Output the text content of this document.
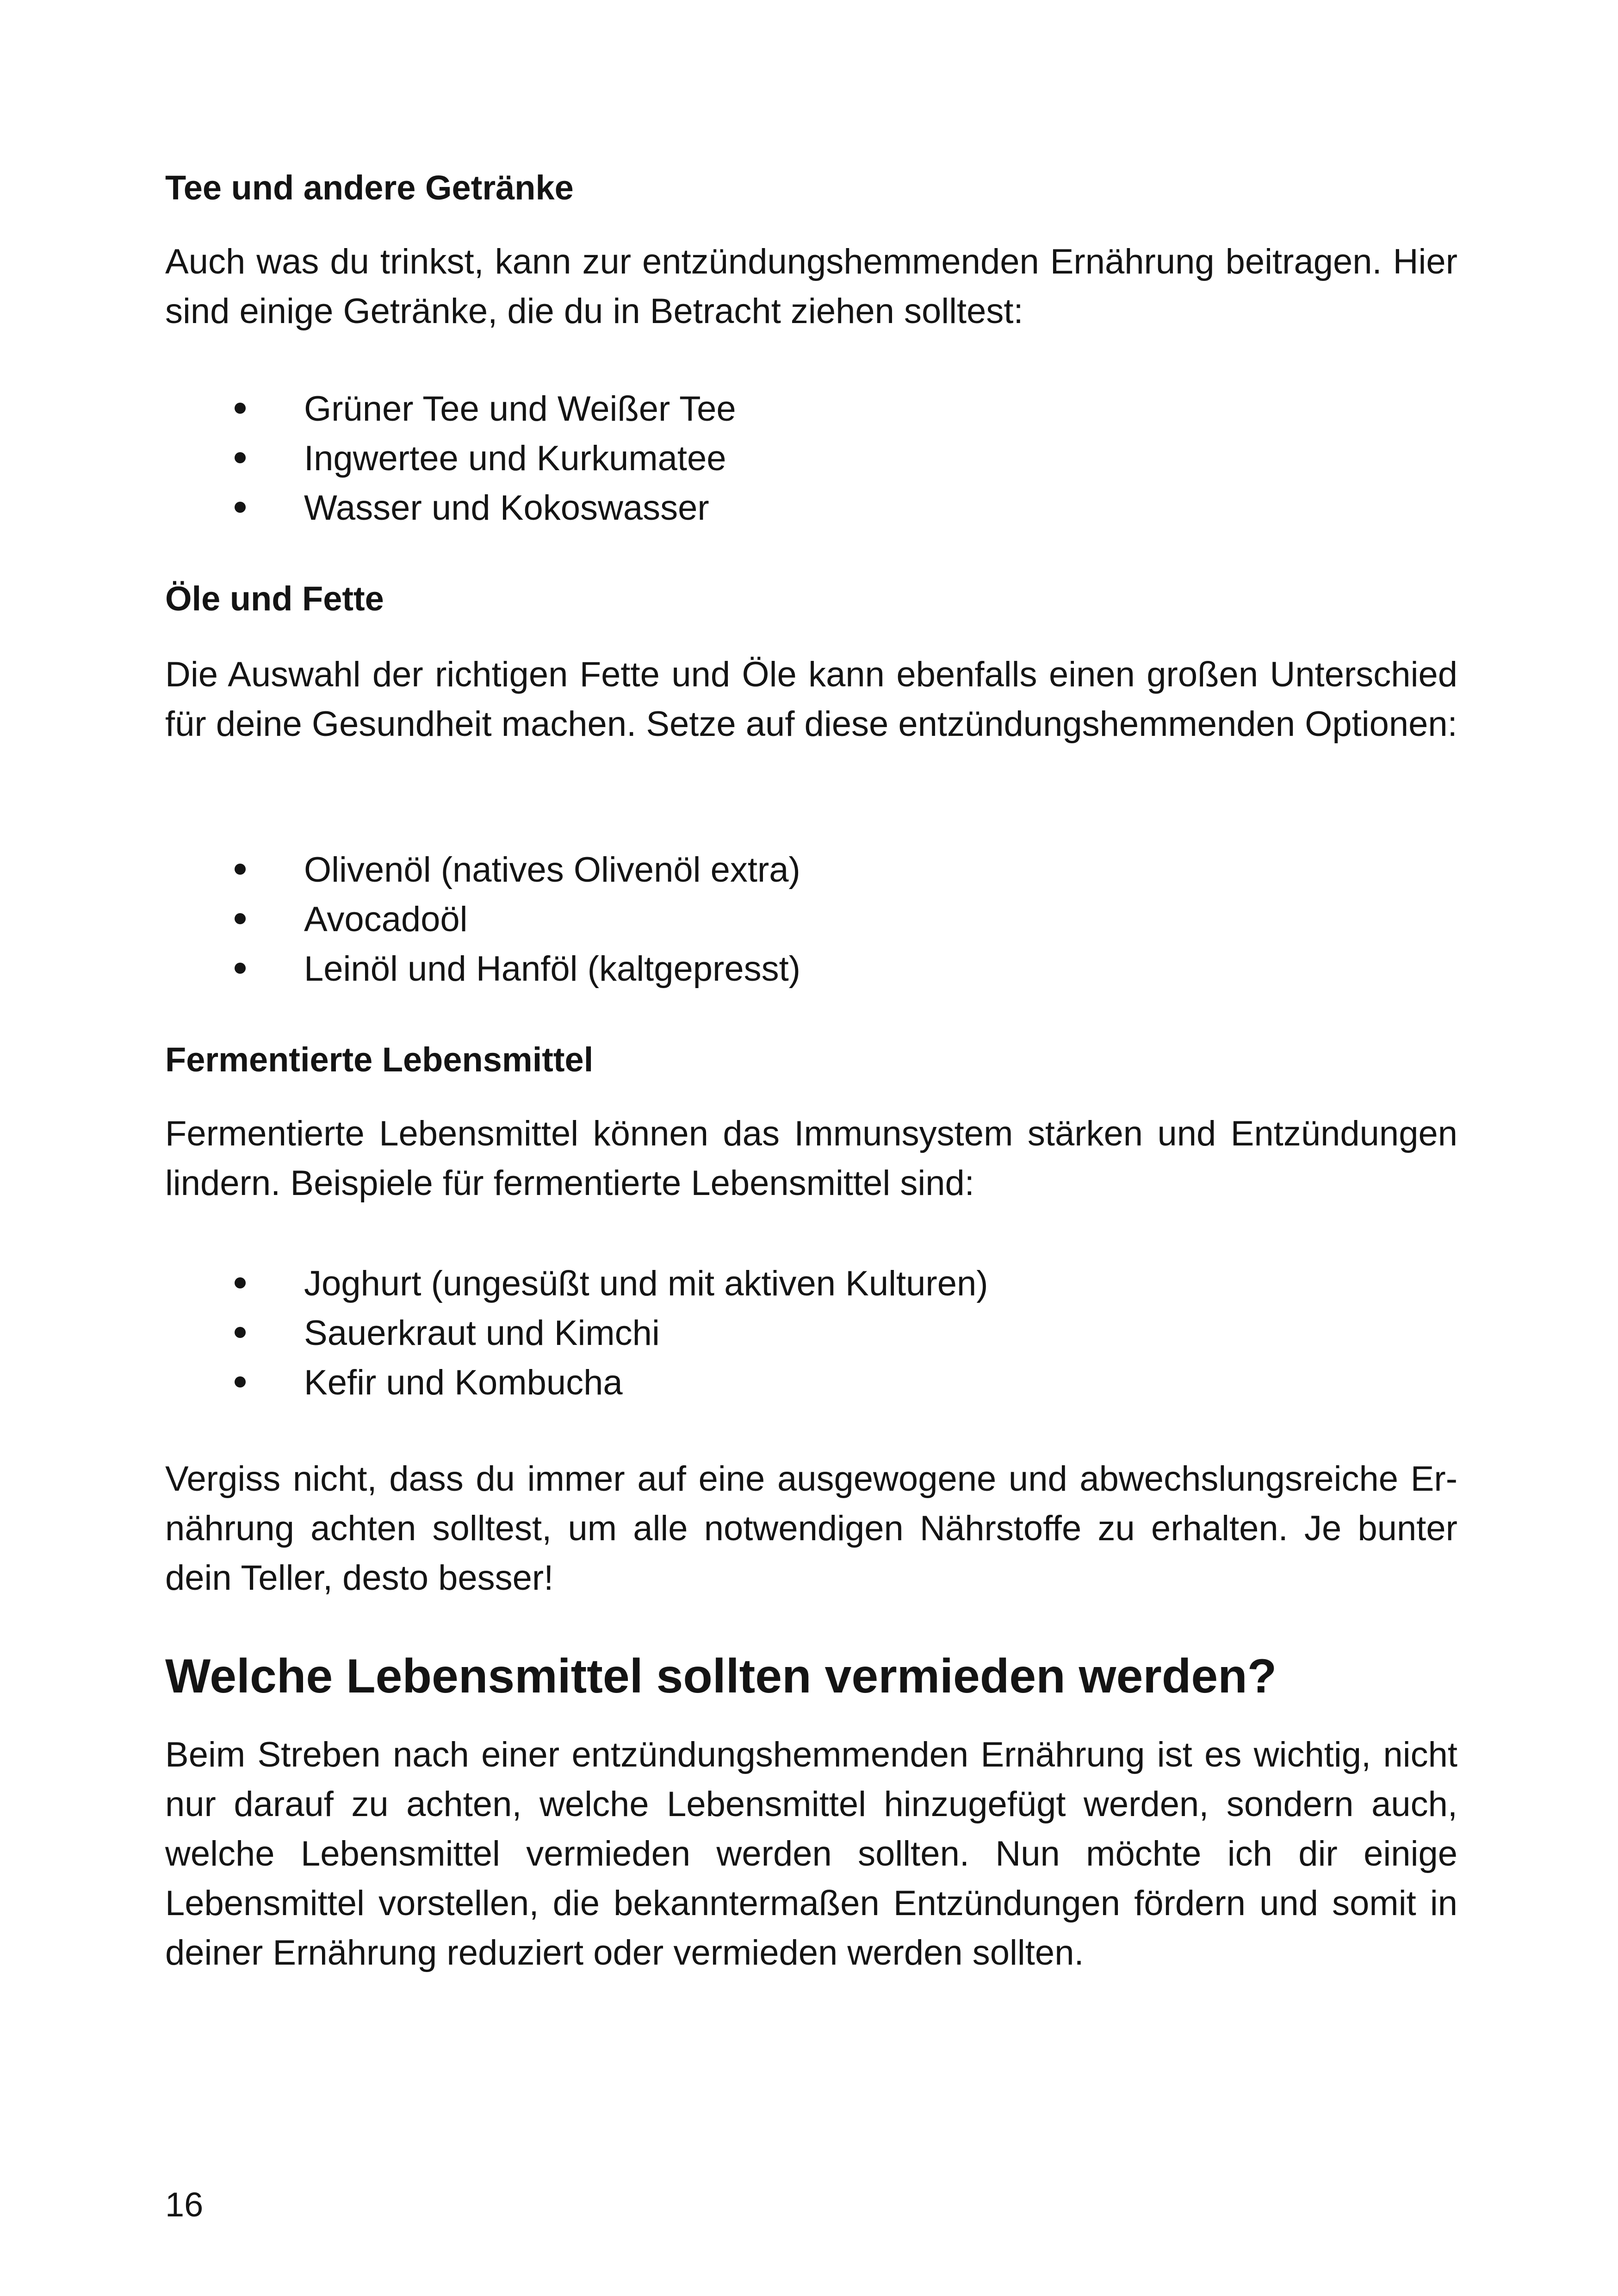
Tee und andere Getränke

Auch was du trinkst, kann zur entzündungshemmenden Ernährung beitragen. Hier sind einige Getränke, die du in Betracht ziehen solltest:

Grüner Tee und Weißer Tee
Ingwertee und Kurkumatee
Wasser und Kokoswasser
Öle und Fette

Die Auswahl der richtigen Fette und Öle kann ebenfalls einen großen Unterschied für deine Gesundheit machen. Setze auf diese entzündungshemmenden Optionen:

Olivenöl (natives Olivenöl extra)
Avocadoöl
Leinöl und Hanföl (kaltgepresst)
Fermentierte Lebensmittel

Fermentierte Lebensmittel können das Immunsystem stärken und Entzündungen lindern. Beispiele für fermentierte Lebensmittel sind:

Joghurt (ungesüßt und mit aktiven Kulturen)
Sauerkraut und Kimchi
Kefir und Kombucha

Vergiss nicht, dass du immer auf eine ausgewogene und abwechslungsreiche Ernährung achten solltest, um alle notwendigen Nährstoffe zu erhalten. Je bunter dein Teller, desto besser!

Welche Lebensmittel sollten vermieden werden?

Beim Streben nach einer entzündungshemmenden Ernährung ist es wichtig, nicht nur darauf zu achten, welche Lebensmittel hinzugefügt werden, sondern auch, welche Lebensmittel vermieden werden sollten. Nun möchte ich dir einige Lebensmittel vorstellen, die bekanntermaßen Entzündungen fördern und somit in deiner Ernährung reduziert oder vermieden werden sollten.

16
